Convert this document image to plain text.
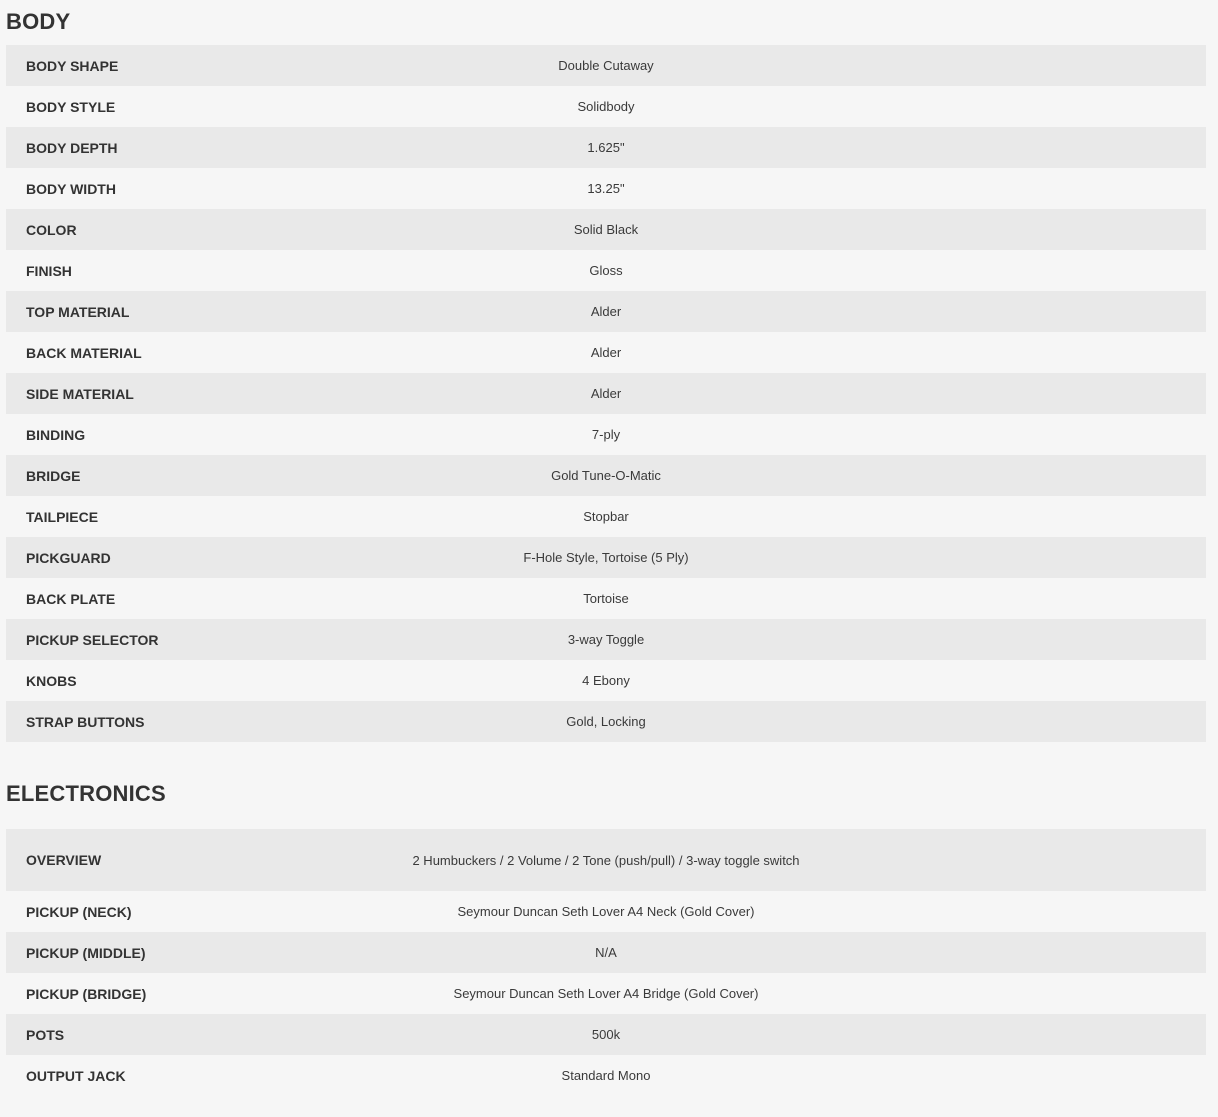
BODY
BODY SHAPE	Double Cutaway	
BODY STYLE	Solidbody	
BODY DEPTH	1.625"	
BODY WIDTH	13.25"	
COLOR	Solid Black	
FINISH	Gloss	
TOP MATERIAL	Alder	
BACK MATERIAL	Alder	
SIDE MATERIAL	Alder	
BINDING	7-ply	
BRIDGE	Gold Tune-O-Matic	
TAILPIECE	Stopbar	
PICKGUARD	F-Hole Style, Tortoise (5 Ply)	
BACK PLATE	Tortoise	
PICKUP SELECTOR	3-way Toggle	
KNOBS	4 Ebony	
STRAP BUTTONS	Gold, Locking	
ELECTRONICS
OVERVIEW	2 Humbuckers / 2 Volume / 2 Tone (push/pull) / 3-way toggle switch	
PICKUP (NECK)	Seymour Duncan Seth Lover A4 Neck (Gold Cover)	
PICKUP (MIDDLE)	N/A	
PICKUP (BRIDGE)	Seymour Duncan Seth Lover A4 Bridge (Gold Cover)	
POTS	500k	
OUTPUT JACK	Standard Mono	
